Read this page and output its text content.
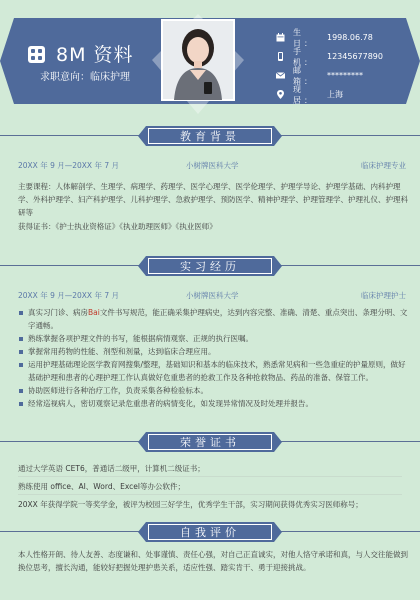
8M 资料
求职意向：临床护理
生 日：
1998.06.78
手 机：
12345677890
邮 箱：
*********
现 居：
上海
教育背景
20XX 年 9 月—20XX 年 7 月	小树牌医科大学	临床护理专业
主要课程：人体解剖学、生理学、病理学、药理学、医学心理学、医学伦理学、护理学导论、护理学基础、内科护理学、外科护理学、妇产科护理学、儿科护理学、急救护理学、预防医学、精神护理学、护理管理学、护理礼仪、护理科研等
获得证书：《护士执业资格证》《执业助理医师》《执业医师》
实习经历
20XX 年 9 月—20XX 年 7 月	小树牌医科大学	临床护理护士
真实习门诊、病房Bai文件书写规范，能正确采集护理病史，达到内容完整、准确、清楚、重点突出、条理分明、文字通畅。
熟练掌握各项护理文件的书写，能根据病情观察、正规的执行医嘱。
掌握常用药物的性能、剂型和剂量，达到临床合理应用。
运用护理基础理论医学教育网搜集/整理，基础知识和基本的临床技术，熟悉常见病和一些急重症的护量原则，做好基础护理和患者的心理护理工作认真做好危重患者的抢救工作及各种抢救物品、药品的准备、保管工作。
协助医师进行各种治疗工作，负责采集各种检验标本。
经常巡视病人，密切观察记录危重患者的病情变化，如发现异常情况及时处理并报告。
荣誉证书
通过大学英语 CET6，普通话二级甲，计算机二级证书；
熟练使用 office、AI、Word、Excel等办公软件；
20XX 年获得学院一等奖学金，被评为校园三好学生，优秀学生干部，实习期间获得优秀实习医师称号；
自我评价
本人性格开朗、待人友善、态度谦和、处事谨慎、责任心强，对自己正直诚实，对他人恪守承诺和真，与人交往能做到换位思考，擅长沟通，能较好把握处理护患关系，适应性强、踏实肯干、勇于迎接挑战。
